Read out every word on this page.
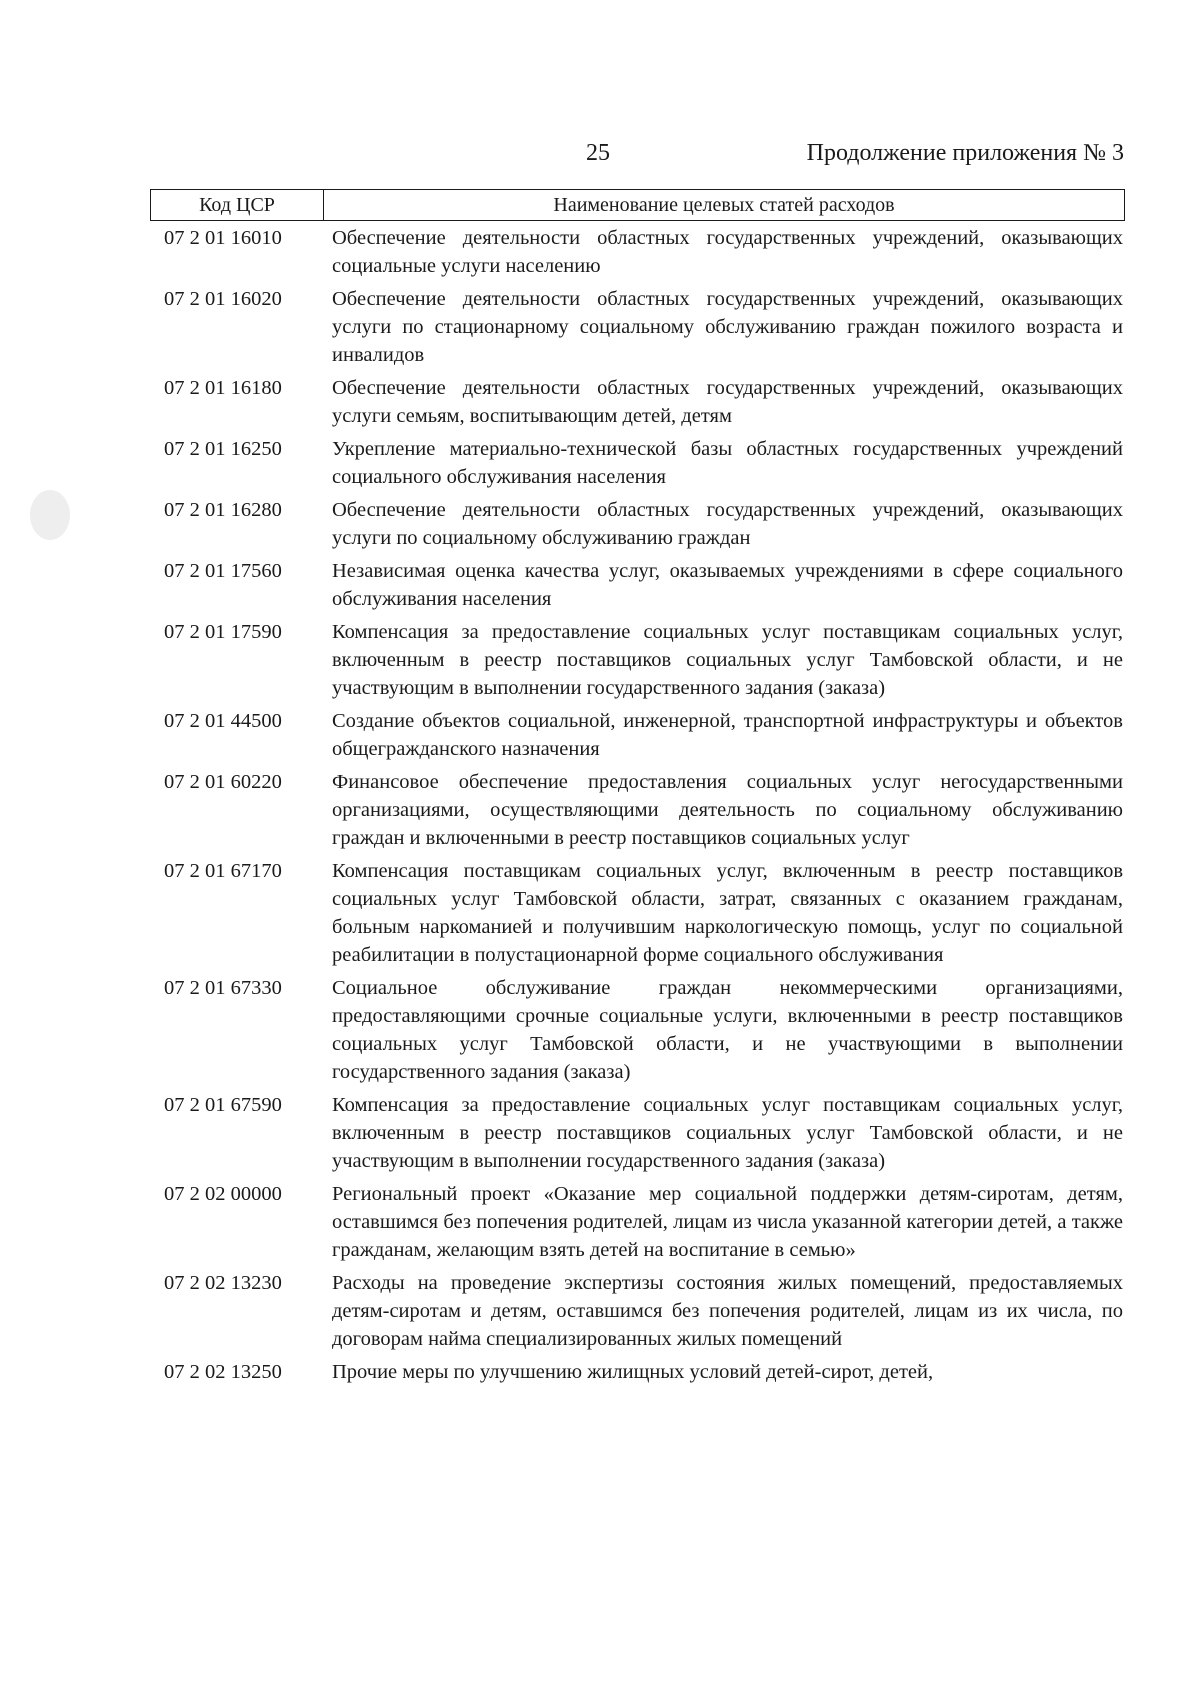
25	Продолжение приложения № 3
Код ЦСР	Наименование целевых статей расходов
07 2 01 16010	Обеспечение деятельности областных государственных учреждений, оказывающих социальные услуги населению
07 2 01 16020	Обеспечение деятельности областных государственных учреждений, оказывающих услуги по стационарному социальному обслуживанию граждан пожилого возраста и инвалидов
07 2 01 16180	Обеспечение деятельности областных государственных учреждений, оказывающих услуги семьям, воспитывающим детей, детям
07 2 01 16250	Укрепление материально-технической базы областных государственных учреждений социального обслуживания населения
07 2 01 16280	Обеспечение деятельности областных государственных учреждений, оказывающих услуги по социальному обслуживанию граждан
07 2 01 17560	Независимая оценка качества услуг, оказываемых учреждениями в сфере социального обслуживания населения
07 2 01 17590	Компенсация за предоставление социальных услуг поставщикам социальных услуг, включенным в реестр поставщиков социальных услуг Тамбовской области, и не участвующим в выполнении государственного задания (заказа)
07 2 01 44500	Создание объектов социальной, инженерной, транспортной инфраструктуры и объектов общегражданского назначения
07 2 01 60220	Финансовое обеспечение предоставления социальных услуг негосударственными организациями, осуществляющими деятельность по социальному обслуживанию граждан и включенными в реестр поставщиков социальных услуг
07 2 01 67170	Компенсация поставщикам социальных услуг, включенным в реестр поставщиков социальных услуг Тамбовской области, затрат, связанных с оказанием гражданам, больным наркоманией и получившим наркологическую помощь, услуг по социальной реабилитации в полустационарной форме социального обслуживания
07 2 01 67330	Социальное обслуживание граждан некоммерческими организациями, предоставляющими срочные социальные услуги, включенными в реестр поставщиков социальных услуг Тамбовской области, и не участвующими в выполнении государственного задания (заказа)
07 2 01 67590	Компенсация за предоставление социальных услуг поставщикам социальных услуг, включенным в реестр поставщиков социальных услуг Тамбовской области, и не участвующим в выполнении государственного задания (заказа)
07 2 02 00000	Региональный проект «Оказание мер социальной поддержки детям-сиротам, детям, оставшимся без попечения родителей, лицам из числа указанной категории детей, а также гражданам, желающим взять детей на воспитание в семью»
07 2 02 13230	Расходы на проведение экспертизы состояния жилых помещений, предоставляемых детям-сиротам и детям, оставшимся без попечения родителей, лицам из их числа, по договорам найма специализированных жилых помещений
07 2 02 13250	Прочие меры по улучшению жилищных условий детей-сирот, детей,
